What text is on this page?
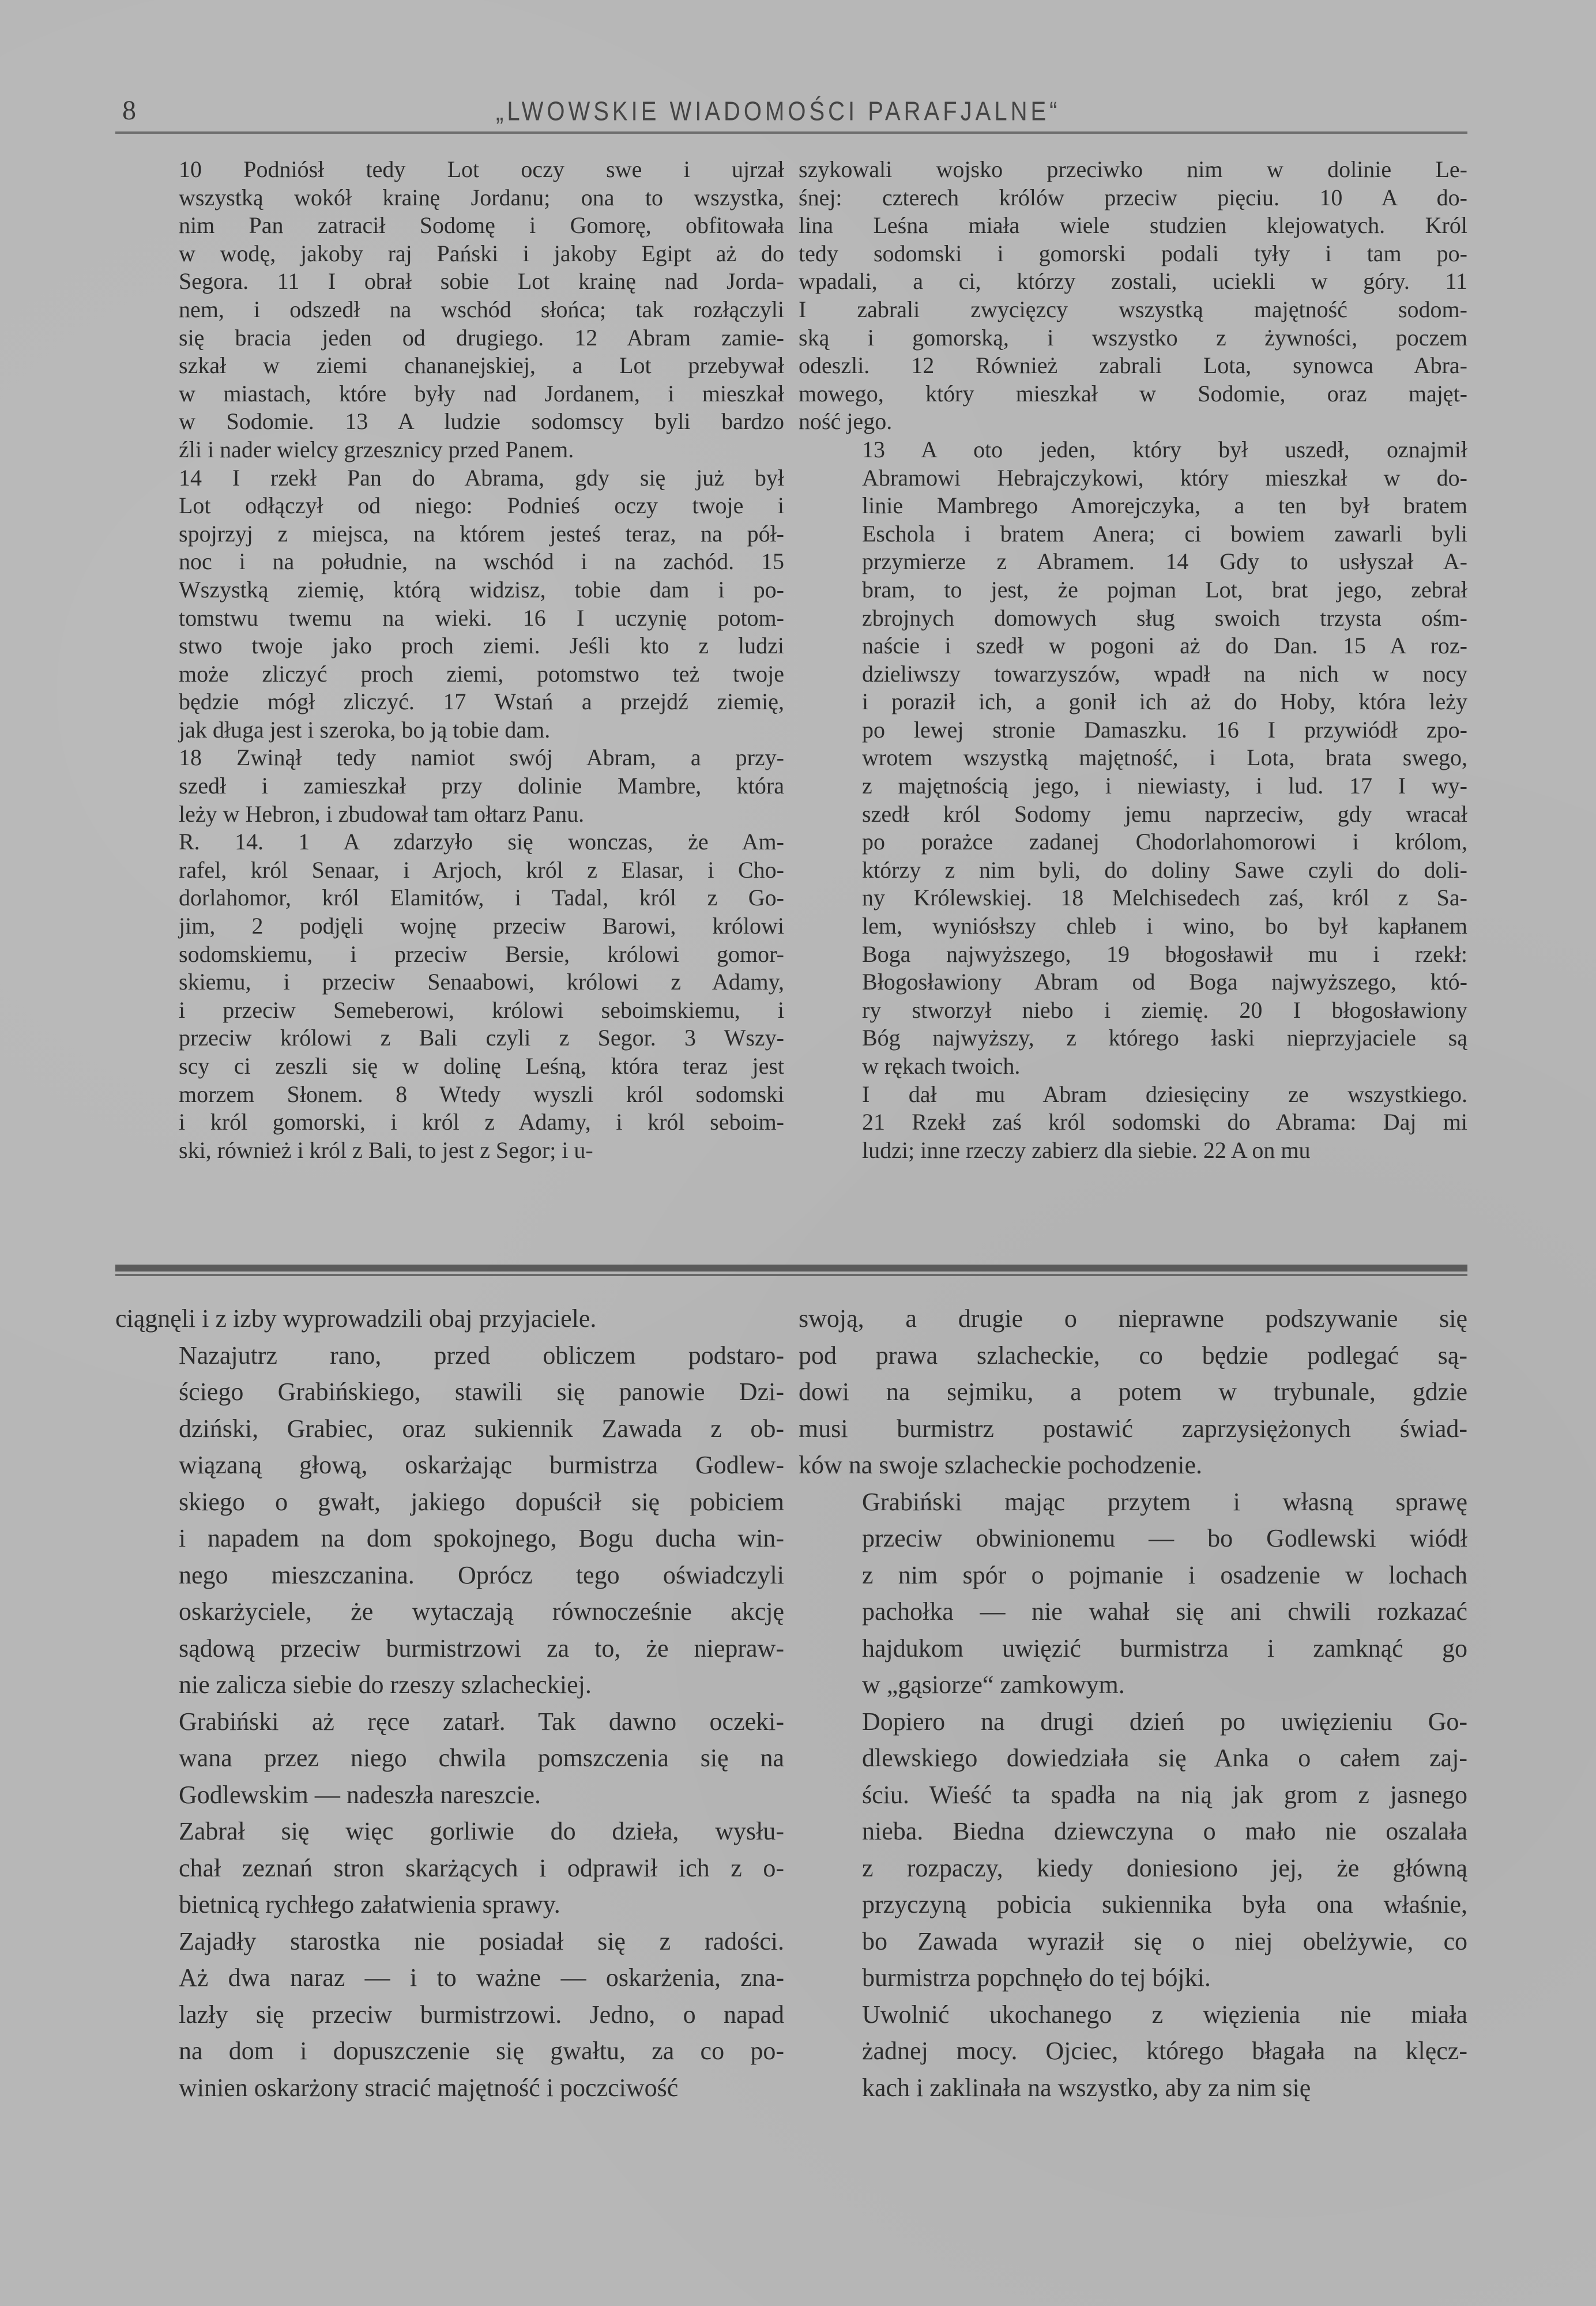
8	„LWOWSKIE WIADOMOŚCI PARAFJALNE“

10 Podniósł tedy Lot oczy swe i ujrzał
wszystką wokół krainę Jordanu; ona to wszystka,
nim Pan zatracił Sodomę i Gomorę, obfitowała
w wodę, jakoby raj Pański i jakoby Egipt aż do
Segora. 11 I obrał sobie Lot krainę nad Jorda-
nem, i odszedł na wschód słońca; tak rozłączyli
się bracia jeden od drugiego. 12 Abram zamie-
szkał w ziemi chananejskiej, a Lot przebywał
w miastach, które były nad Jordanem, i mieszkał
w Sodomie. 13 A ludzie sodomscy byli bardzo
źli i nader wielcy grzesznicy przed Panem.

14 I rzekł Pan do Abrama, gdy się już był
Lot odłączył od niego: Podnieś oczy twoje i
spojrzyj z miejsca, na którem jesteś teraz, na pół-
noc i na południe, na wschód i na zachód. 15
Wszystką ziemię, którą widzisz, tobie dam i po-
tomstwu twemu na wieki. 16 I uczynię potom-
stwo twoje jako proch ziemi. Jeśli kto z ludzi
może zliczyć proch ziemi, potomstwo też twoje
będzie mógł zliczyć. 17 Wstań a przejdź ziemię,
jak długa jest i szeroka, bo ją tobie dam.

18 Zwinął tedy namiot swój Abram, a przy-
szedł i zamieszkał przy dolinie Mambre, która
leży w Hebron, i zbudował tam ołtarz Panu.

R. 14. 1 A zdarzyło się wonczas, że Am-
rafel, król Senaar, i Arjoch, król z Elasar, i Cho-
dorlahomor, król Elamitów, i Tadal, król z Go-
jim, 2 podjęli wojnę przeciw Barowi, królowi
sodomskiemu, i przeciw Bersie, królowi gomor-
skiemu, i przeciw Senaabowi, królowi z Adamy,
i przeciw Semeberowi, królowi seboimskiemu, i
przeciw królowi z Bali czyli z Segor. 3 Wszy-
scy ci zeszli się w dolinę Leśną, która teraz jest
morzem Słonem. 8 Wtedy wyszli król sodomski
i król gomorski, i król z Adamy, i król seboim-
ski, również i król z Bali, to jest z Segor; i u-

szykowali wojsko przeciwko nim w dolinie Le-
śnej: czterech królów przeciw pięciu. 10 A do-
lina Leśna miała wiele studzien klejowatych. Król
tedy sodomski i gomorski podali tyły i tam po-
wpadali, a ci, którzy zostali, uciekli w góry. 11
I zabrali zwycięzcy wszystką majętność sodom-
ską i gomorską, i wszystko z żywności, poczem
odeszli. 12 Również zabrali Lota, synowca Abra-
mowego, który mieszkał w Sodomie, oraz majęt-
ność jego.

13 A oto jeden, który był uszedł, oznajmił
Abramowi Hebrajczykowi, który mieszkał w do-
linie Mambrego Amorejczyka, a ten był bratem
Eschola i bratem Anera; ci bowiem zawarli byli
przymierze z Abramem. 14 Gdy to usłyszał A-
bram, to jest, że pojman Lot, brat jego, zebrał
zbrojnych domowych sług swoich trzysta ośm-
naście i szedł w pogoni aż do Dan. 15 A roz-
dzieliwszy towarzyszów, wpadł na nich w nocy
i poraził ich, a gonił ich aż do Hoby, która leży
po lewej stronie Damaszku. 16 I przywiódł zpo-
wrotem wszystką majętność, i Lota, brata swego,
z majętnością jego, i niewiasty, i lud. 17 I wy-
szedł król Sodomy jemu naprzeciw, gdy wracał
po porażce zadanej Chodorlahomorowi i królom,
którzy z nim byli, do doliny Sawe czyli do doli-
ny Królewskiej. 18 Melchisedech zaś, król z Sa-
lem, wyniósłszy chleb i wino, bo był kapłanem
Boga najwyższego, 19 błogosławił mu i rzekł:
Błogosławiony Abram od Boga najwyższego, któ-
ry stworzył niebo i ziemię. 20 I błogosławiony
Bóg najwyższy, z którego łaski nieprzyjaciele są
w rękach twoich.

I dał mu Abram dziesięciny ze wszystkiego.
21 Rzekł zaś król sodomski do Abrama: Daj mi
ludzi; inne rzeczy zabierz dla siebie. 22 A on mu

ciągnęli i z izby wyprowadzili obaj przyjaciele.

Nazajutrz rano, przed obliczem podstaro-
ściego Grabińskiego, stawili się panowie Dzi-
dziński, Grabiec, oraz sukiennik Zawada z ob-
wiązaną głową, oskarżając burmistrza Godlew-
skiego o gwałt, jakiego dopuścił się pobiciem
i napadem na dom spokojnego, Bogu ducha win-
nego mieszczanina. Oprócz tego oświadczyli
oskarżyciele, że wytaczają równocześnie akcję
sądową przeciw burmistrzowi za to, że niepraw-
nie zalicza siebie do rzeszy szlacheckiej.

Grabiński aż ręce zatarł. Tak dawno oczeki-
wana przez niego chwila pomszczenia się na
Godlewskim — nadeszła nareszcie.

Zabrał się więc gorliwie do dzieła, wysłu-
chał zeznań stron skarżących i odprawił ich z o-
bietnicą rychłego załatwienia sprawy.

Zajadły starostka nie posiadał się z radości.
Aż dwa naraz — i to ważne — oskarżenia, zna-
lazły się przeciw burmistrzowi. Jedno, o napad
na dom i dopuszczenie się gwałtu, za co po-
winien oskarżony stracić majętność i poczciwość

swoją, a drugie o nieprawne podszywanie się
pod prawa szlacheckie, co będzie podlegać są-
dowi na sejmiku, a potem w trybunale, gdzie
musi burmistrz postawić zaprzysiężonych świad-
ków na swoje szlacheckie pochodzenie.

Grabiński mając przytem i własną sprawę
przeciw obwinionemu — bo Godlewski wiódł
z nim spór o pojmanie i osadzenie w lochach
pachołka — nie wahał się ani chwili rozkazać
hajdukom uwięzić burmistrza i zamknąć go
w „gąsiorze“ zamkowym.

Dopiero na drugi dzień po uwięzieniu Go-
dlewskiego dowiedziała się Anka o całem zaj-
ściu. Wieść ta spadła na nią jak grom z jasnego
nieba. Biedna dziewczyna o mało nie oszalała
z rozpaczy, kiedy doniesiono jej, że główną
przyczyną pobicia sukiennika była ona właśnie,
bo Zawada wyraził się o niej obelżywie, co
burmistrza popchnęło do tej bójki.

Uwolnić ukochanego z więzienia nie miała
żadnej mocy. Ojciec, którego błagała na klęcz-
kach i zaklinała na wszystko, aby za nim się
